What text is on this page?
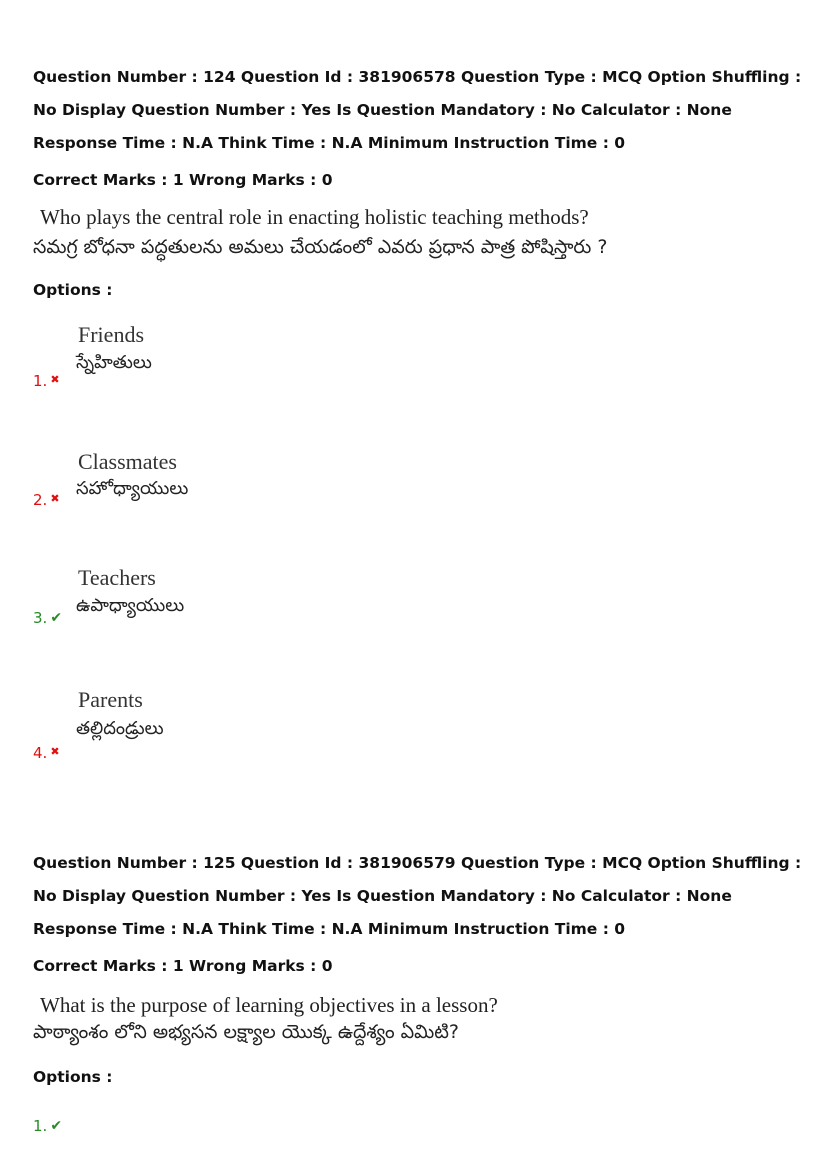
Question Number : 124 Question Id : 381906578 Question Type : MCQ Option Shuffling : No Display Question Number : Yes Is Question Mandatory : No Calculator : None Response Time : N.A Think Time : N.A Minimum Instruction Time : 0

Correct Marks : 1 Wrong Marks : 0
Who plays the central role in enacting holistic teaching methods?
సమగ్ర బోధనా పద్ధతులను అమలు చేయడంలో ఎవరు ప్రధాన పాత్ర పోషిస్తారు ?
Options :
Friends
స్నేహితులు
1. ✖
Classmates
సహోధ్యాయులు
2. ✖
Teachers
ఉపాధ్యాయులు
3. ✔
Parents
తల్లిదండ్రులు
4. ✖

Question Number : 125 Question Id : 381906579 Question Type : MCQ Option Shuffling : No Display Question Number : Yes Is Question Mandatory : No Calculator : None Response Time : N.A Think Time : N.A Minimum Instruction Time : 0

Correct Marks : 1 Wrong Marks : 0
What is the purpose of learning objectives in a lesson?
పాఠ్యాంశం లోని అభ్యసన లక్ష్యాల యొక్క ఉద్దేశ్యం ఏమిటి?
Options :
1. ✔
